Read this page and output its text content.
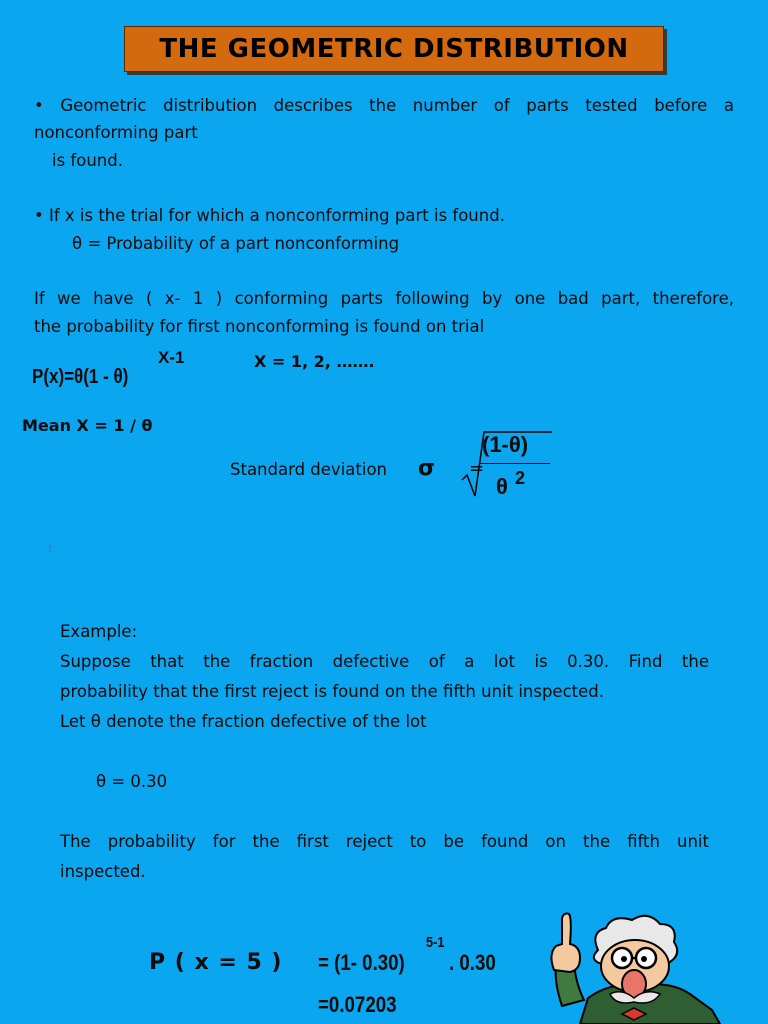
THE GEOMETRIC DISTRIBUTION
• Geometric distribution describes the number of parts tested before a
nonconforming part
is found.
• If x is the trial for which a nonconforming part is found.
θ = Probability of a part nonconforming
If we have ( x- 1 ) conforming parts following by one bad part, therefore,
the probability for first nonconforming is found on trial
P(x)=θ(1 - θ)
X-1	X = 1, 2, …….
Mean X = 1 / θ
Standard deviation σ =
(1-θ)
θ 2
t
Example:
Suppose that the fraction defective of a lot is 0.30. Find the
probability that the first reject is found on the fifth unit inspected.
Let θ denote the fraction defective of the lot
θ = 0.30
The probability for the first reject to be found on the fifth unit
inspected.
P ( x = 5 ) = (1- 0.30)
5-1
. 0.30
=0.07203
